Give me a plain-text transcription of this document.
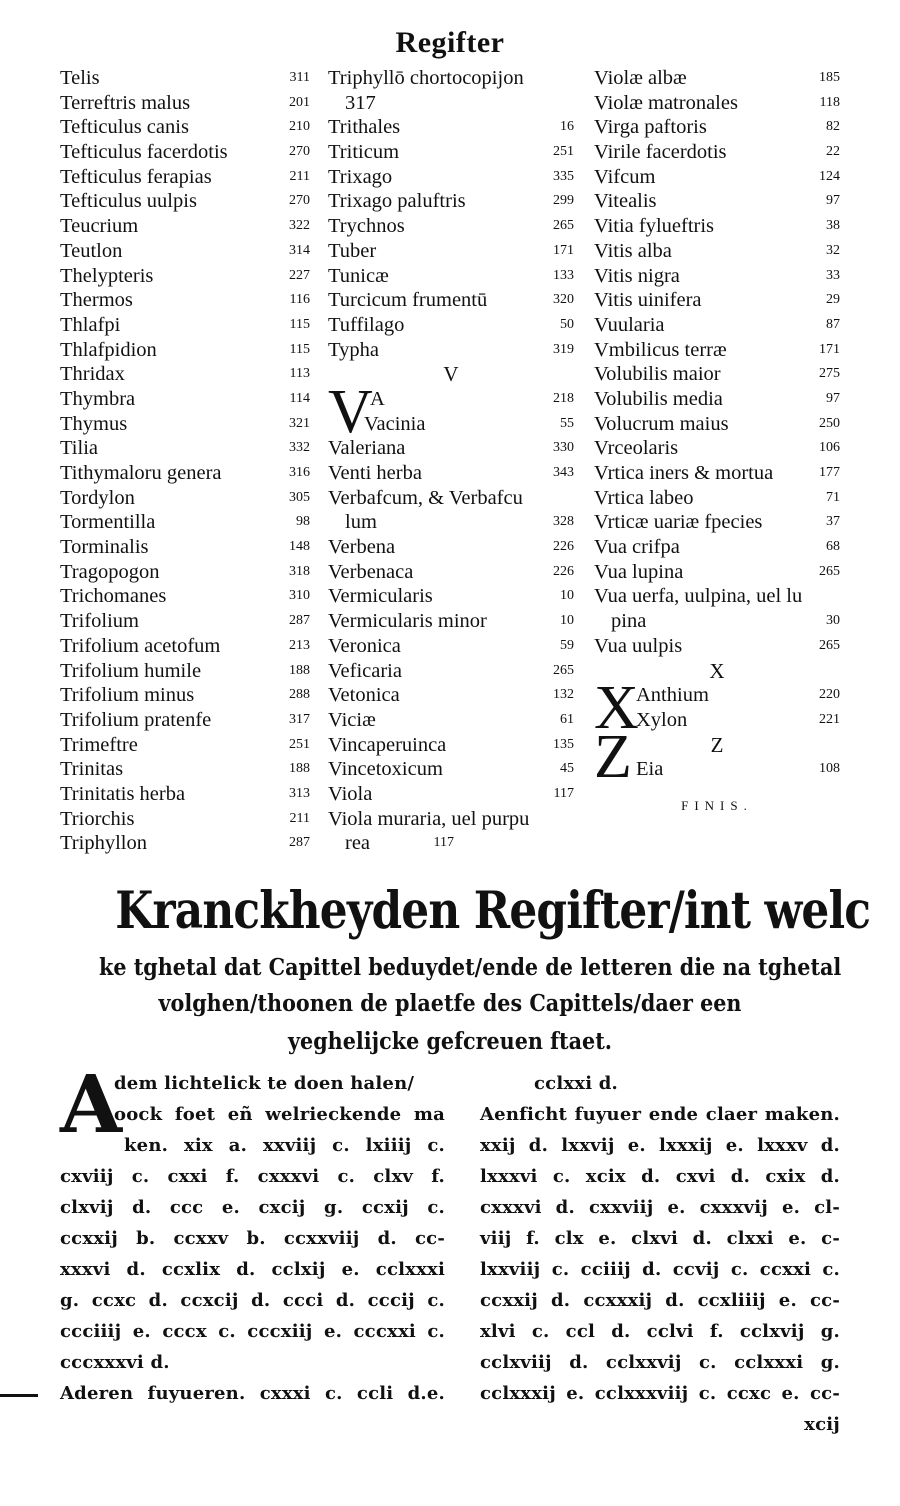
Regifter
Telis	311
Terreftris malus	201
Tefticulus canis	210
Tefticulus facerdotis	270
Tefticulus ferapias	211
Tefticulus uulpis	270
Teucrium	322
Teutlon	314
Thelypteris	227
Thermos	116
Thlafpi	115
Thlafpidion	115
Thridax	113
Thymbra	114
Thymus	321
Tilia	332
Tithymaloru genera	316
Tordylon	305
Tormentilla	98
Torminalis	148
Tragopogon	318
Trichomanes	310
Trifolium	287
Trifolium acetofum	213
Trifolium humile	188
Trifolium minus	288
Trifolium pratenfe	317
Trimeftre	251
Trinitas	188
Trinitatis herba	313
Triorchis	211
Triphyllon	287
Triphyllō chortocopijon
317
Trithales	16
Triticum	251
Trixago	335
Trixago paluftris	299
Trychnos	265
Tuber	171
Tunicæ	133
Turcicum frumentū	320
Tuffilago	50
Typha	319
V
V
A	218
Vacinia	55
Valeriana	330
Venti herba	343
Verbafcum, & Verbafcu
lum	328
Verbena	226
Verbenaca	226
Vermicularis	10
Vermicularis minor	10
Veronica	59
Veficaria	265
Vetonica	132
Viciæ	61
Vincaperuinca	135
Vincetoxicum	45
Viola	117
Viola muraria, uel purpu
rea	117
Violæ albæ	185
Violæ matronales	118
Virga paftoris	82
Virile facerdotis	22
Vifcum	124
Vitealis	97
Vitia fylueftris	38
Vitis alba	32
Vitis nigra	33
Vitis uinifera	29
Vuularia	87
Vmbilicus terræ	171
Volubilis maior	275
Volubilis media	97
Volucrum maius	250
Vrceolaris	106
Vrtica iners & mortua	177
Vrtica labeo	71
Vrticæ uariæ fpecies	37
Vua crifpa	68
Vua lupina	265
Vua uerfa, uulpina, uel lu
pina	30
Vua uulpis	265
X
X
Anthium	220
Xylon	221
Z
Z Eia	108
FINIS.
Kranckheyden Regifter/int welc
ke tghetal dat Capittel beduydet/ende de letteren die na tghetal
volghen/thoonen de plaetfe des Capittels/daer een
yeghelijcke gefcreuen ftaet.
A
dem lichtelick te doen halen/
oock foet eñ welrieckende ma
ken. xix a. xxviij c. lxiiij c.
cxviij c. cxxi f. cxxxvi c. clxv f.
clxvij d. ccc e. cxcij g. ccxij c.
ccxxij b. ccxxv b. ccxxviij d. cc-
xxxvi d. ccxlix d. cclxij e. cclxxxi
g. ccxc d. ccxcij d. ccci d. cccij c.
ccciiij e. cccx c. cccxiij e. cccxxi c.
cccxxxvi d.
Aderen fuyueren. cxxxi c. ccli d.e.
cclxxi d.
Aenficht fuyuer ende claer maken.
xxij d. lxxvij e. lxxxij e. lxxxv d.
lxxxvi c. xcix d. cxvi d. cxix d.
cxxxvi d. cxxviij e. cxxxvij e. cl-
viij f. clx e. clxvi d. clxxi e. c-
lxxviij c. cciiij d. ccvij c. ccxxi c.
ccxxij d. ccxxxij d. ccxliiij e. cc-
xlvi c. ccl d. cclvi f. cclxvij g.
cclxviij d. cclxxvij c. cclxxxi g.
cclxxxij e. cclxxxviij c. ccxc e. cc-
xcij
